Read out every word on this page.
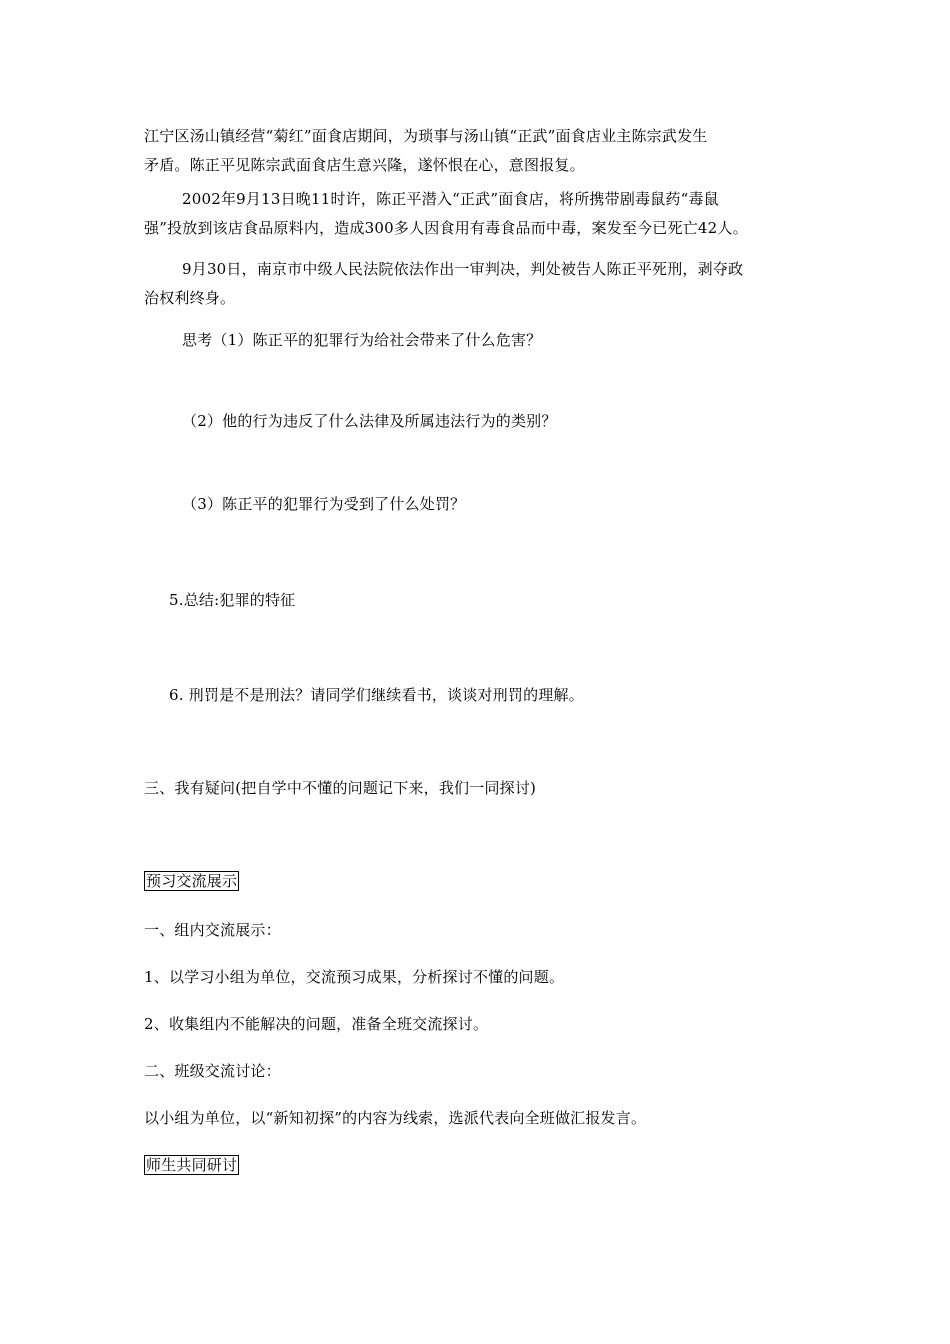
江宁区汤山镇经营“菊红”面食店期间，为琐事与汤山镇“正武”面食店业主陈宗武发生
矛盾。陈正平见陈宗武面食店生意兴隆，遂怀恨在心，意图报复。
2002年9月13日晚11时许，陈正平潜入“正武”面食店，将所携带剧毒鼠药“毒鼠
强”投放到该店食品原料内，造成300多人因食用有毒食品而中毒，案发至今已死亡42人。
9月30日，南京市中级人民法院依法作出一审判决，判处被告人陈正平死刑，剥夺政
治权利终身。
思考（1）陈正平的犯罪行为给社会带来了什么危害？
（2）他的行为违反了什么法律及所属违法行为的类别？
（3）陈正平的犯罪行为受到了什么处罚？
5.总结:犯罪的特征
6. 刑罚是不是刑法？请同学们继续看书，谈谈对刑罚的理解。
三、我有疑问(把自学中不懂的问题记下来，我们一同探讨)
预习交流展示
一、组内交流展示：
1、以学习小组为单位，交流预习成果，分析探讨不懂的问题。
2、收集组内不能解决的问题，准备全班交流探讨。
二、班级交流讨论：
以小组为单位，以“新知初探”的内容为线索，选派代表向全班做汇报发言。
师生共同研讨
